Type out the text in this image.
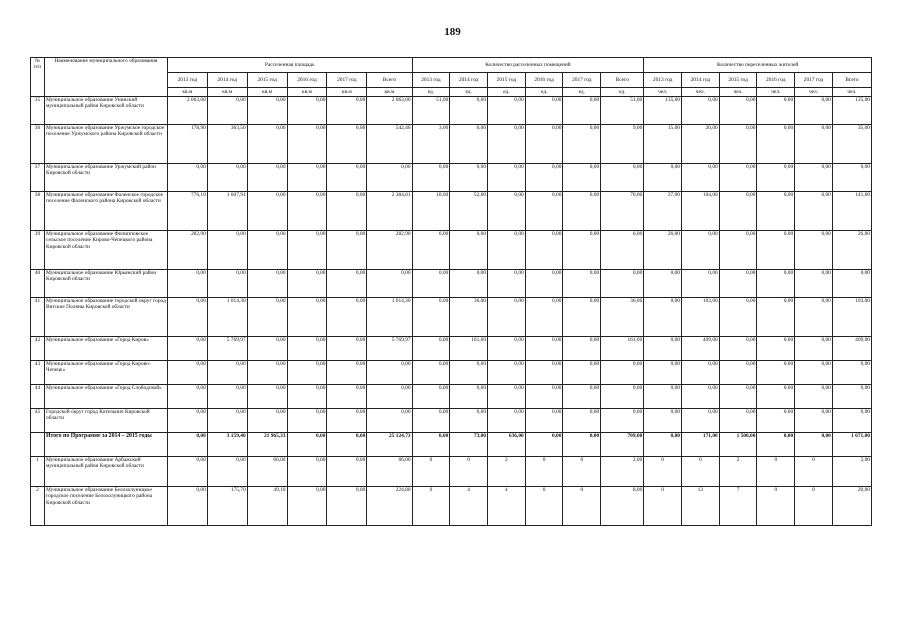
189
№
п/п	Наименование муниципального образования	Расселенная площадь						Количество расселенных помещений						Количество переселенных жителей					
		2013 год	2014 год	2015 год	2016 год	2017 год	Всего	2013 год	2014 год	2015 год	2016 год	2017 год	Всего	2013 год	2014 год	2015 год	2016 год	2017 год	Всего
		кв.м	кв.м	кв.м	кв.м	кв.м	кв.м	ед.	ед.	ед.	ед.	ед.	ед.	чел.	чел.	чел.	чел.	чел.	чел.
35	Муниципальное образование Унинский муниципальный район Кировской области	2 063,00	0,00	0,00	0,00	0,00	2 063,00	51,00	0,00	0,00	0,00	0,00	51,00	135,00	0,00	0,00	0,00	0,00	135,00
36	Муниципальное образование Уржумское городское поселение Уржумского района Кировской области	178,90	363,50	0,00	0,00	0,00	542,40	3,00	6,00	0,00	0,00	0,00	9,00	15,00	20,00	0,00	0,00	0,00	35,00
37	Муниципальное образование Уржумский район Кировской области	0,00	0,00	0,00	0,00	0,00	0,00	0,00	0,00	0,00	0,00	0,00	0,00	0,00	0,00	0,00	0,00	0,00	0,00
38	Муниципальное образование Фаленское городское поселение Фаленского района Кировской области	776,10	1 607,91	0,00	0,00	0,00	2 384,01	18,00	52,00	0,00	0,00	0,00	70,00	37,00	104,00	0,00	0,00	0,00	141,00
39	Муниципальное образование Филипповское сельское поселение Кирово-Чепецкого района Кировской области	282,90	0,00	0,00	0,00	0,00	282,90	6,00	0,00	0,00	0,00	0,00	6,00	26,00	0,00	0,00	0,00	0,00	26,00
40	Муниципальное образование Юрьянский район Кировской области	0,00	0,00	0,00	0,00	0,00	0,00	0,00	0,00	0,00	0,00	0,00	0,00	0,00	0,00	0,00	0,00	0,00	0,00
41	Муниципальное образование городской округ город Вятские Поляны Кировской области	0,00	1 014,30	0,00	0,00	0,00	1 014,30	0,00	36,00	0,00	0,00	0,00	36,00	0,00	103,00	0,00	0,00	0,00	103,00
42	Муниципальное образование «Город Киров»	0,00	5 769,97	0,00	0,00	0,00	5 769,97	0,00	161,00	0,00	0,00	0,00	161,00	0,00	409,00	0,00	0,00	0,00	409,00
43	Муниципальное образование «Город Кирово-Чепецк»	0,00	0,00	0,00	0,00	0,00	0,00	0,00	0,00	0,00	0,00	0,00	0,00	0,00	0,00	0,00	0,00	0,00	0,00
44	Муниципальное образование «Город Слободской»	0,00	0,00	0,00	0,00	0,00	0,00	0,00	0,00	0,00	0,00	0,00	0,00	0,00	0,00	0,00	0,00	0,00	0,00
45	Городской округ город Котельнич Кировской области	0,00	0,00	0,00	0,00	0,00	0,00	0,00	0,00	0,00	0,00	0,00	0,00	0,00	0,00	0,00	0,00	0,00	0,00
	Итого по Программе за 2014 – 2015 годы	0,00	3 159,40	21 965,33	0,00	0,00	25 124,73	0,00	73,00	636,00	0,00	0,00	709,00	0,00	171,00	1 500,00	0,00	0,00	1 671,00
1	Муниципальное образование Арбажский муниципальный район Кировской области	0,00	0,00	66,00	0,00	0,00	66,00	0	0	2	0	0	2,00	0	0	2	0	0	2,00
2	Муниципальное образование Белохолуницкое городское поселение Белохолуницкого района Кировской области	0,00	175,70	49,10	0,00	0,00	224,80	0	4	4	0	0	8,00	0	13	7	0	0	20,00
